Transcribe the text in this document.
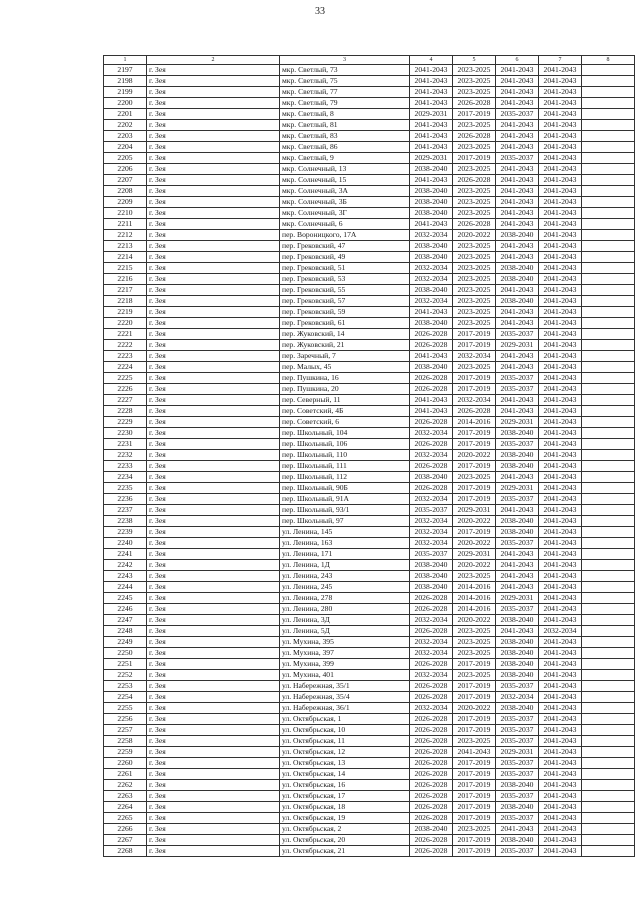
33
1	2	3	4	5	6	7	8
2197	г. Зея	мкр. Светлый, 73	2041-2043	2023-2025	2041-2043	2041-2043	
2198	г. Зея	мкр. Светлый, 75	2041-2043	2023-2025	2041-2043	2041-2043	
2199	г. Зея	мкр. Светлый, 77	2041-2043	2023-2025	2041-2043	2041-2043	
2200	г. Зея	мкр. Светлый, 79	2041-2043	2026-2028	2041-2043	2041-2043	
2201	г. Зея	мкр. Светлый, 8	2029-2031	2017-2019	2035-2037	2041-2043	
2202	г. Зея	мкр. Светлый, 81	2041-2043	2023-2025	2041-2043	2041-2043	
2203	г. Зея	мкр. Светлый, 83	2041-2043	2026-2028	2041-2043	2041-2043	
2204	г. Зея	мкр. Светлый, 86	2041-2043	2023-2025	2041-2043	2041-2043	
2205	г. Зея	мкр. Светлый, 9	2029-2031	2017-2019	2035-2037	2041-2043	
2206	г. Зея	мкр. Солнечный, 13	2038-2040	2023-2025	2041-2043	2041-2043	
2207	г. Зея	мкр. Солнечный, 15	2041-2043	2026-2028	2041-2043	2041-2043	
2208	г. Зея	мкр. Солнечный, 3А	2038-2040	2023-2025	2041-2043	2041-2043	
2209	г. Зея	мкр. Солнечный, 3Б	2038-2040	2023-2025	2041-2043	2041-2043	
2210	г. Зея	мкр. Солнечный, 3Г	2038-2040	2023-2025	2041-2043	2041-2043	
2211	г. Зея	мкр. Солнечный, 6	2041-2043	2026-2028	2041-2043	2041-2043	
2212	г. Зея	пер. Вороницкого, 17А	2032-2034	2020-2022	2038-2040	2041-2043	
2213	г. Зея	пер. Грековский, 47	2038-2040	2023-2025	2041-2043	2041-2043	
2214	г. Зея	пер. Грековский, 49	2038-2040	2023-2025	2041-2043	2041-2043	
2215	г. Зея	пер. Грековский, 51	2032-2034	2023-2025	2038-2040	2041-2043	
2216	г. Зея	пер. Грековский, 53	2032-2034	2023-2025	2038-2040	2041-2043	
2217	г. Зея	пер. Грековский, 55	2038-2040	2023-2025	2041-2043	2041-2043	
2218	г. Зея	пер. Грековский, 57	2032-2034	2023-2025	2038-2040	2041-2043	
2219	г. Зея	пер. Грековский, 59	2041-2043	2023-2025	2041-2043	2041-2043	
2220	г. Зея	пер. Грековский, 61	2038-2040	2023-2025	2041-2043	2041-2043	
2221	г. Зея	пер. Жуковский, 14	2026-2028	2017-2019	2035-2037	2041-2043	
2222	г. Зея	пер. Жуковский, 21	2026-2028	2017-2019	2029-2031	2041-2043	
2223	г. Зея	пер. Заречный, 7	2041-2043	2032-2034	2041-2043	2041-2043	
2224	г. Зея	пер. Малых, 45	2038-2040	2023-2025	2041-2043	2041-2043	
2225	г. Зея	пер. Пушкина, 16	2026-2028	2017-2019	2035-2037	2041-2043	
2226	г. Зея	пер. Пушкина, 20	2026-2028	2017-2019	2035-2037	2041-2043	
2227	г. Зея	пер. Северный, 11	2041-2043	2032-2034	2041-2043	2041-2043	
2228	г. Зея	пер. Советский, 4Б	2041-2043	2026-2028	2041-2043	2041-2043	
2229	г. Зея	пер. Советский, 6	2026-2028	2014-2016	2029-2031	2041-2043	
2230	г. Зея	пер. Школьный, 104	2032-2034	2017-2019	2038-2040	2041-2043	
2231	г. Зея	пер. Школьный, 106	2026-2028	2017-2019	2035-2037	2041-2043	
2232	г. Зея	пер. Школьный, 110	2032-2034	2020-2022	2038-2040	2041-2043	
2233	г. Зея	пер. Школьный, 111	2026-2028	2017-2019	2038-2040	2041-2043	
2234	г. Зея	пер. Школьный, 112	2038-2040	2023-2025	2041-2043	2041-2043	
2235	г. Зея	пер. Школьный, 90Б	2026-2028	2017-2019	2029-2031	2041-2043	
2236	г. Зея	пер. Школьный, 91А	2032-2034	2017-2019	2035-2037	2041-2043	
2237	г. Зея	пер. Школьный, 93/1	2035-2037	2029-2031	2041-2043	2041-2043	
2238	г. Зея	пер. Школьный, 97	2032-2034	2020-2022	2038-2040	2041-2043	
2239	г. Зея	ул. Ленина, 145	2032-2034	2017-2019	2038-2040	2041-2043	
2240	г. Зея	ул. Ленина, 163	2032-2034	2020-2022	2035-2037	2041-2043	
2241	г. Зея	ул. Ленина, 171	2035-2037	2029-2031	2041-2043	2041-2043	
2242	г. Зея	ул. Ленина, 1Д	2038-2040	2020-2022	2041-2043	2041-2043	
2243	г. Зея	ул. Ленина, 243	2038-2040	2023-2025	2041-2043	2041-2043	
2244	г. Зея	ул. Ленина, 245	2038-2040	2014-2016	2041-2043	2041-2043	
2245	г. Зея	ул. Ленина, 278	2026-2028	2014-2016	2029-2031	2041-2043	
2246	г. Зея	ул. Ленина, 280	2026-2028	2014-2016	2035-2037	2041-2043	
2247	г. Зея	ул. Ленина, 3Д	2032-2034	2020-2022	2038-2040	2041-2043	
2248	г. Зея	ул. Ленина, 5Д	2026-2028	2023-2025	2041-2043	2032-2034	
2249	г. Зея	ул. Мухина, 395	2032-2034	2023-2025	2038-2040	2041-2043	
2250	г. Зея	ул. Мухина, 397	2032-2034	2023-2025	2038-2040	2041-2043	
2251	г. Зея	ул. Мухина, 399	2026-2028	2017-2019	2038-2040	2041-2043	
2252	г. Зея	ул. Мухина, 401	2032-2034	2023-2025	2038-2040	2041-2043	
2253	г. Зея	ул. Набережная, 35/1	2026-2028	2017-2019	2035-2037	2041-2043	
2254	г. Зея	ул. Набережная, 35/4	2026-2028	2017-2019	2032-2034	2041-2043	
2255	г. Зея	ул. Набережная, 36/1	2032-2034	2020-2022	2038-2040	2041-2043	
2256	г. Зея	ул. Октябрьская, 1	2026-2028	2017-2019	2035-2037	2041-2043	
2257	г. Зея	ул. Октябрьская, 10	2026-2028	2017-2019	2035-2037	2041-2043	
2258	г. Зея	ул. Октябрьская, 11	2026-2028	2023-2025	2035-2037	2041-2043	
2259	г. Зея	ул. Октябрьская, 12	2026-2028	2041-2043	2029-2031	2041-2043	
2260	г. Зея	ул. Октябрьская, 13	2026-2028	2017-2019	2035-2037	2041-2043	
2261	г. Зея	ул. Октябрьская, 14	2026-2028	2017-2019	2035-2037	2041-2043	
2262	г. Зея	ул. Октябрьская, 16	2026-2028	2017-2019	2038-2040	2041-2043	
2263	г. Зея	ул. Октябрьская, 17	2026-2028	2017-2019	2035-2037	2041-2043	
2264	г. Зея	ул. Октябрьская, 18	2026-2028	2017-2019	2038-2040	2041-2043	
2265	г. Зея	ул. Октябрьская, 19	2026-2028	2017-2019	2035-2037	2041-2043	
2266	г. Зея	ул. Октябрьская, 2	2038-2040	2023-2025	2041-2043	2041-2043	
2267	г. Зея	ул. Октябрьская, 20	2026-2028	2017-2019	2038-2040	2041-2043	
2268	г. Зея	ул. Октябрьская, 21	2026-2028	2017-2019	2035-2037	2041-2043	
